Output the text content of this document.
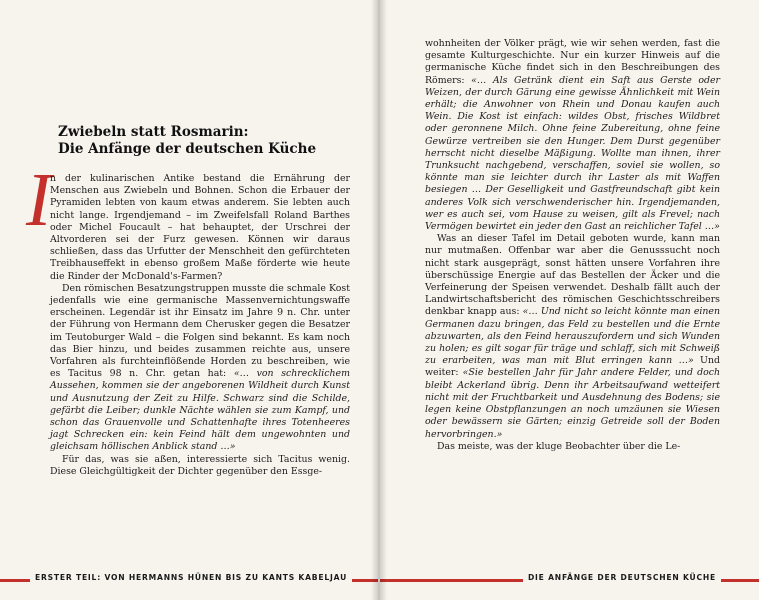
Zwiebeln statt Rosmarin:
Die Anfänge der deutschen Küche
I

n der kulinarischen Antike bestand die Ernährung der Menschen aus Zwiebeln und Bohnen. Schon die Erbauer der Pyramiden lebten von kaum etwas anderem. Sie lebten auch nicht lange. Irgendjemand – im Zweifelsfall Roland Barthes oder Michel Foucault – hat behauptet, der Urschrei der Altvorderen sei der Furz gewesen. Können wir daraus schließen, dass das Urfutter der Menschheit den gefürchteten Treibhauseffekt in ebenso großem Maße förderte wie heute die Rinder der McDonald's-Farmen?

Den römischen Besatzungstruppen musste die schmale Kost jedenfalls wie eine germanische Massenvernichtungswaffe erscheinen. Legendär ist ihr Einsatz im Jahre 9 n. Chr. unter der Führung von Hermann dem Cherusker gegen die Besatzer im Teutoburger Wald – die Folgen sind bekannt. Es kam noch das Bier hinzu, und beides zusammen reichte aus, unsere Vorfahren als furchteinflößende Horden zu beschreiben, wie es Tacitus 98 n. Chr. getan hat: «… von schrecklichem Aussehen, kommen sie der angeborenen Wildheit durch Kunst und Ausnutzung der Zeit zu Hilfe. Schwarz sind die Schilde, gefärbt die Leiber; dunkle Nächte wählen sie zum Kampf, und schon das Grauenvolle und Schattenhafte ihres Totenheeres jagt Schrecken ein: kein Feind hält dem ungewohnten und gleichsam höllischen Anblick stand …»

Für das, was sie aßen, interessierte sich Tacitus wenig. Diese Gleichgültigkeit der Dichter gegenüber den Essge-

ERSTER TEIL: VON HERMANNS HÜNEN BIS ZU KANTS KABELJAU	DIE ANFÄNGE DER DEUTSCHEN KÜCHE

wohnheiten der Völker prägt, wie wir sehen werden, fast die gesamte Kulturgeschichte. Nur ein kurzer Hinweis auf die germanische Küche findet sich in den Beschreibungen des Römers: «… Als Getränk dient ein Saft aus Gerste oder Weizen, der durch Gärung eine gewisse Ähnlichkeit mit Wein erhält; die Anwohner von Rhein und Donau kaufen auch Wein. Die Kost ist einfach: wildes Obst, frisches Wildbret oder geronnene Milch. Ohne feine Zubereitung, ohne feine Gewürze vertreiben sie den Hunger. Dem Durst gegenüber herrscht nicht dieselbe Mäßigung. Wollte man ihnen, ihrer Trunksucht nachgebend, verschaffen, soviel sie wollen, so könnte man sie leichter durch ihr Laster als mit Waffen besiegen … Der Geselligkeit und Gastfreundschaft gibt kein anderes Volk sich verschwenderischer hin. Irgendjemanden, wer es auch sei, vom Hause zu weisen, gilt als Frevel; nach Vermögen bewirtet ein jeder den Gast an reichlicher Tafel …»

Was an dieser Tafel im Detail geboten wurde, kann man nur mutmaßen. Offenbar war aber die Genusssucht noch nicht stark ausgeprägt, sonst hätten unsere Vorfahren ihre überschüssige Energie auf das Bestellen der Äcker und die Verfeinerung der Speisen verwendet. Deshalb fällt auch der Landwirtschaftsbericht des römischen Geschichtsschreibers denkbar knapp aus: «… Und nicht so leicht könnte man einen Germanen dazu bringen, das Feld zu bestellen und die Ernte abzuwarten, als den Feind herauszufordern und sich Wunden zu holen; es gilt sogar für träge und schlaff, sich mit Schweiß zu erarbeiten, was man mit Blut erringen kann …» Und weiter: «Sie bestellen Jahr für Jahr andere Felder, und doch bleibt Ackerland übrig. Denn ihr Arbeitsaufwand wetteifert nicht mit der Fruchtbarkeit und Ausdehnung des Bodens; sie legen keine Obstpflanzungen an noch umzäunen sie Wiesen oder bewässern sie Gärten; einzig Getreide soll der Boden hervorbringen.»

Das meiste, was der kluge Beobachter über die Le-
